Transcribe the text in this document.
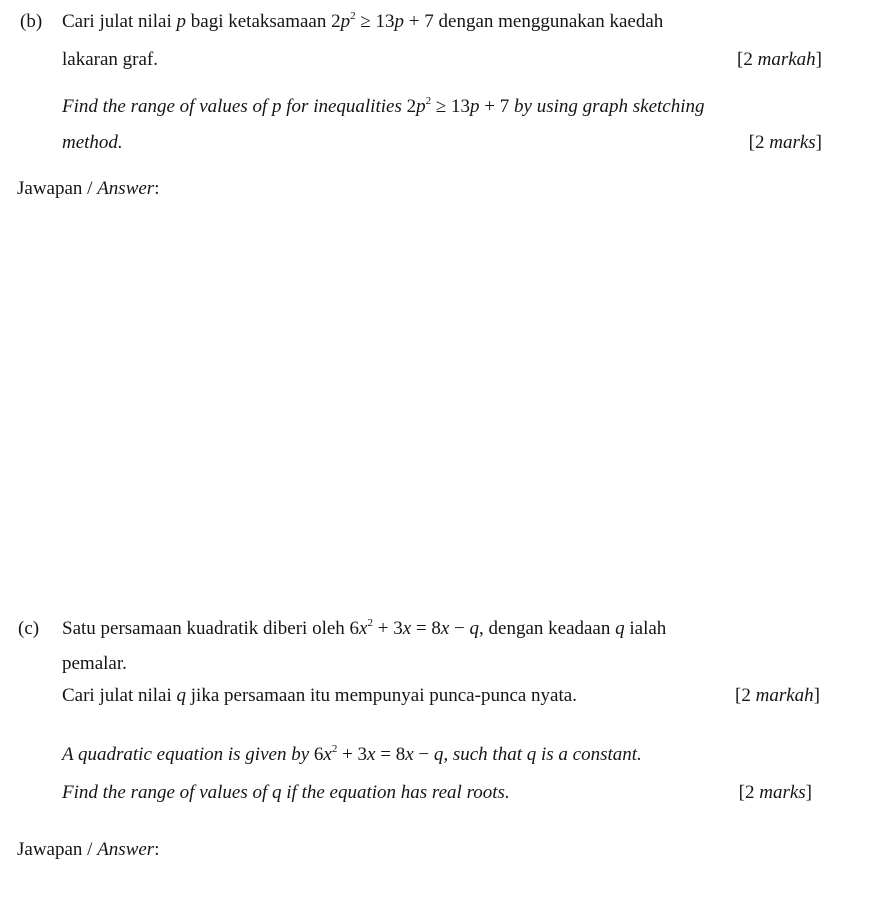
(b) Cari julat nilai p bagi ketaksamaan $2p^2 \ge 13p + 7$ dengan menggunakan kaedah
lakaran graf.	[2 markah]
Find the range of values of p for inequalities $2p^2 \ge 13p + 7$ by using graph sketching
method.	[2 marks]
Jawapan / Answer:
(c) Satu persamaan kuadratik diberi oleh $6x^2 + 3x = 8x - q$, dengan keadaan q ialah
pemalar.
Cari julat nilai q jika persamaan itu mempunyai punca-punca nyata.	[2 markah]
A quadratic equation is given by $6x^2 + 3x = 8x - q$, such that q is a constant.
Find the range of values of q if the equation has real roots.	[2 marks]
Jawapan / Answer:
